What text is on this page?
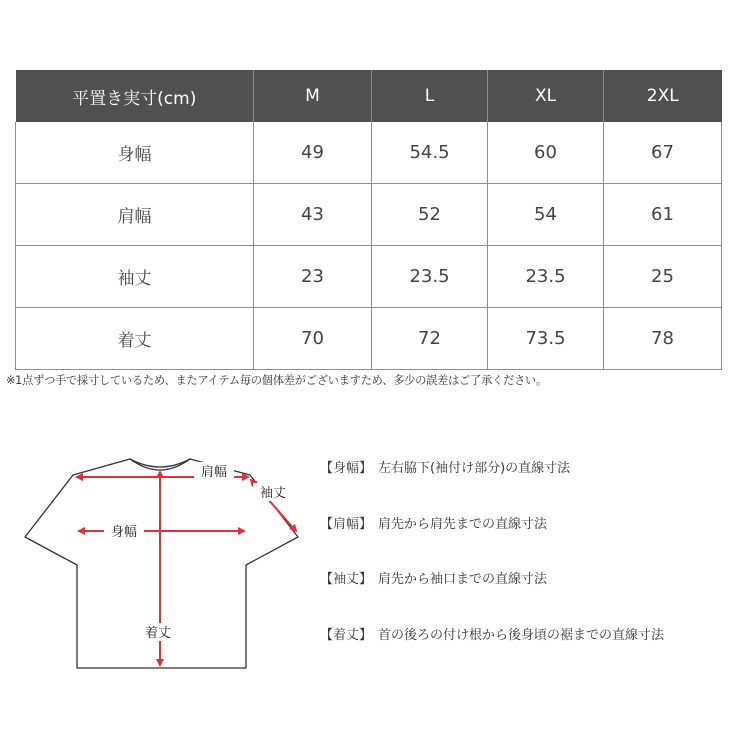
平置き実寸(cm)	M	L	XL	2XL
身幅	49	54.5	60	67
肩幅	43	52	54	61
袖丈	23	23.5	23.5	25
着丈	70	72	73.5	78
※1点ずつ手で採寸しているため、またアイテム毎の個体差がございますため、多少の誤差はご了承ください。
肩幅
袖丈
身幅
着丈
【身幅】 左右脇下(袖付け部分)の直線寸法
【肩幅】 肩先から肩先までの直線寸法
【袖丈】 肩先から袖口までの直線寸法
【着丈】 首の後ろの付け根から後身頃の裾までの直線寸法
